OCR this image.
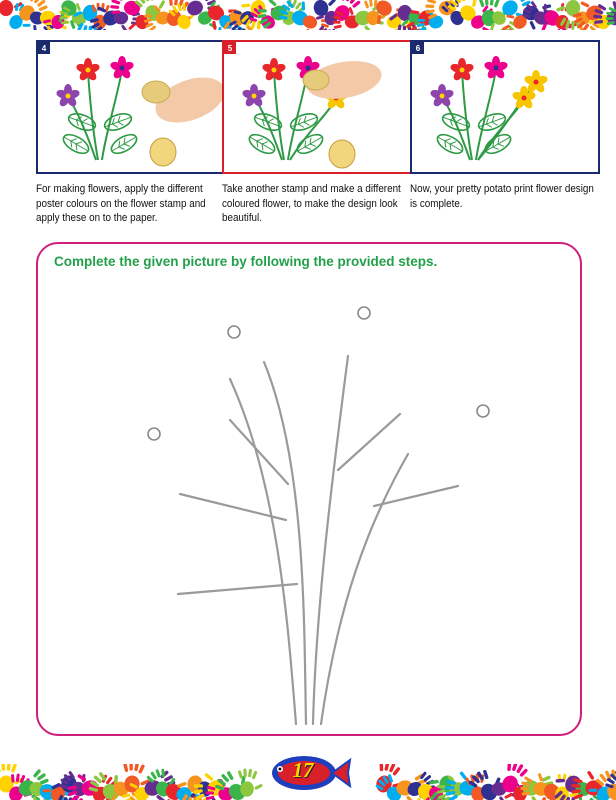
4
For making flowers, apply the different poster colours on the flower stamp and apply these on to the paper.
5
Take another stamp and make a different coloured flower, to make the design look beautiful.
6
Now, your pretty potato print flower design is complete.

Complete the given picture by following the provided steps.

17
